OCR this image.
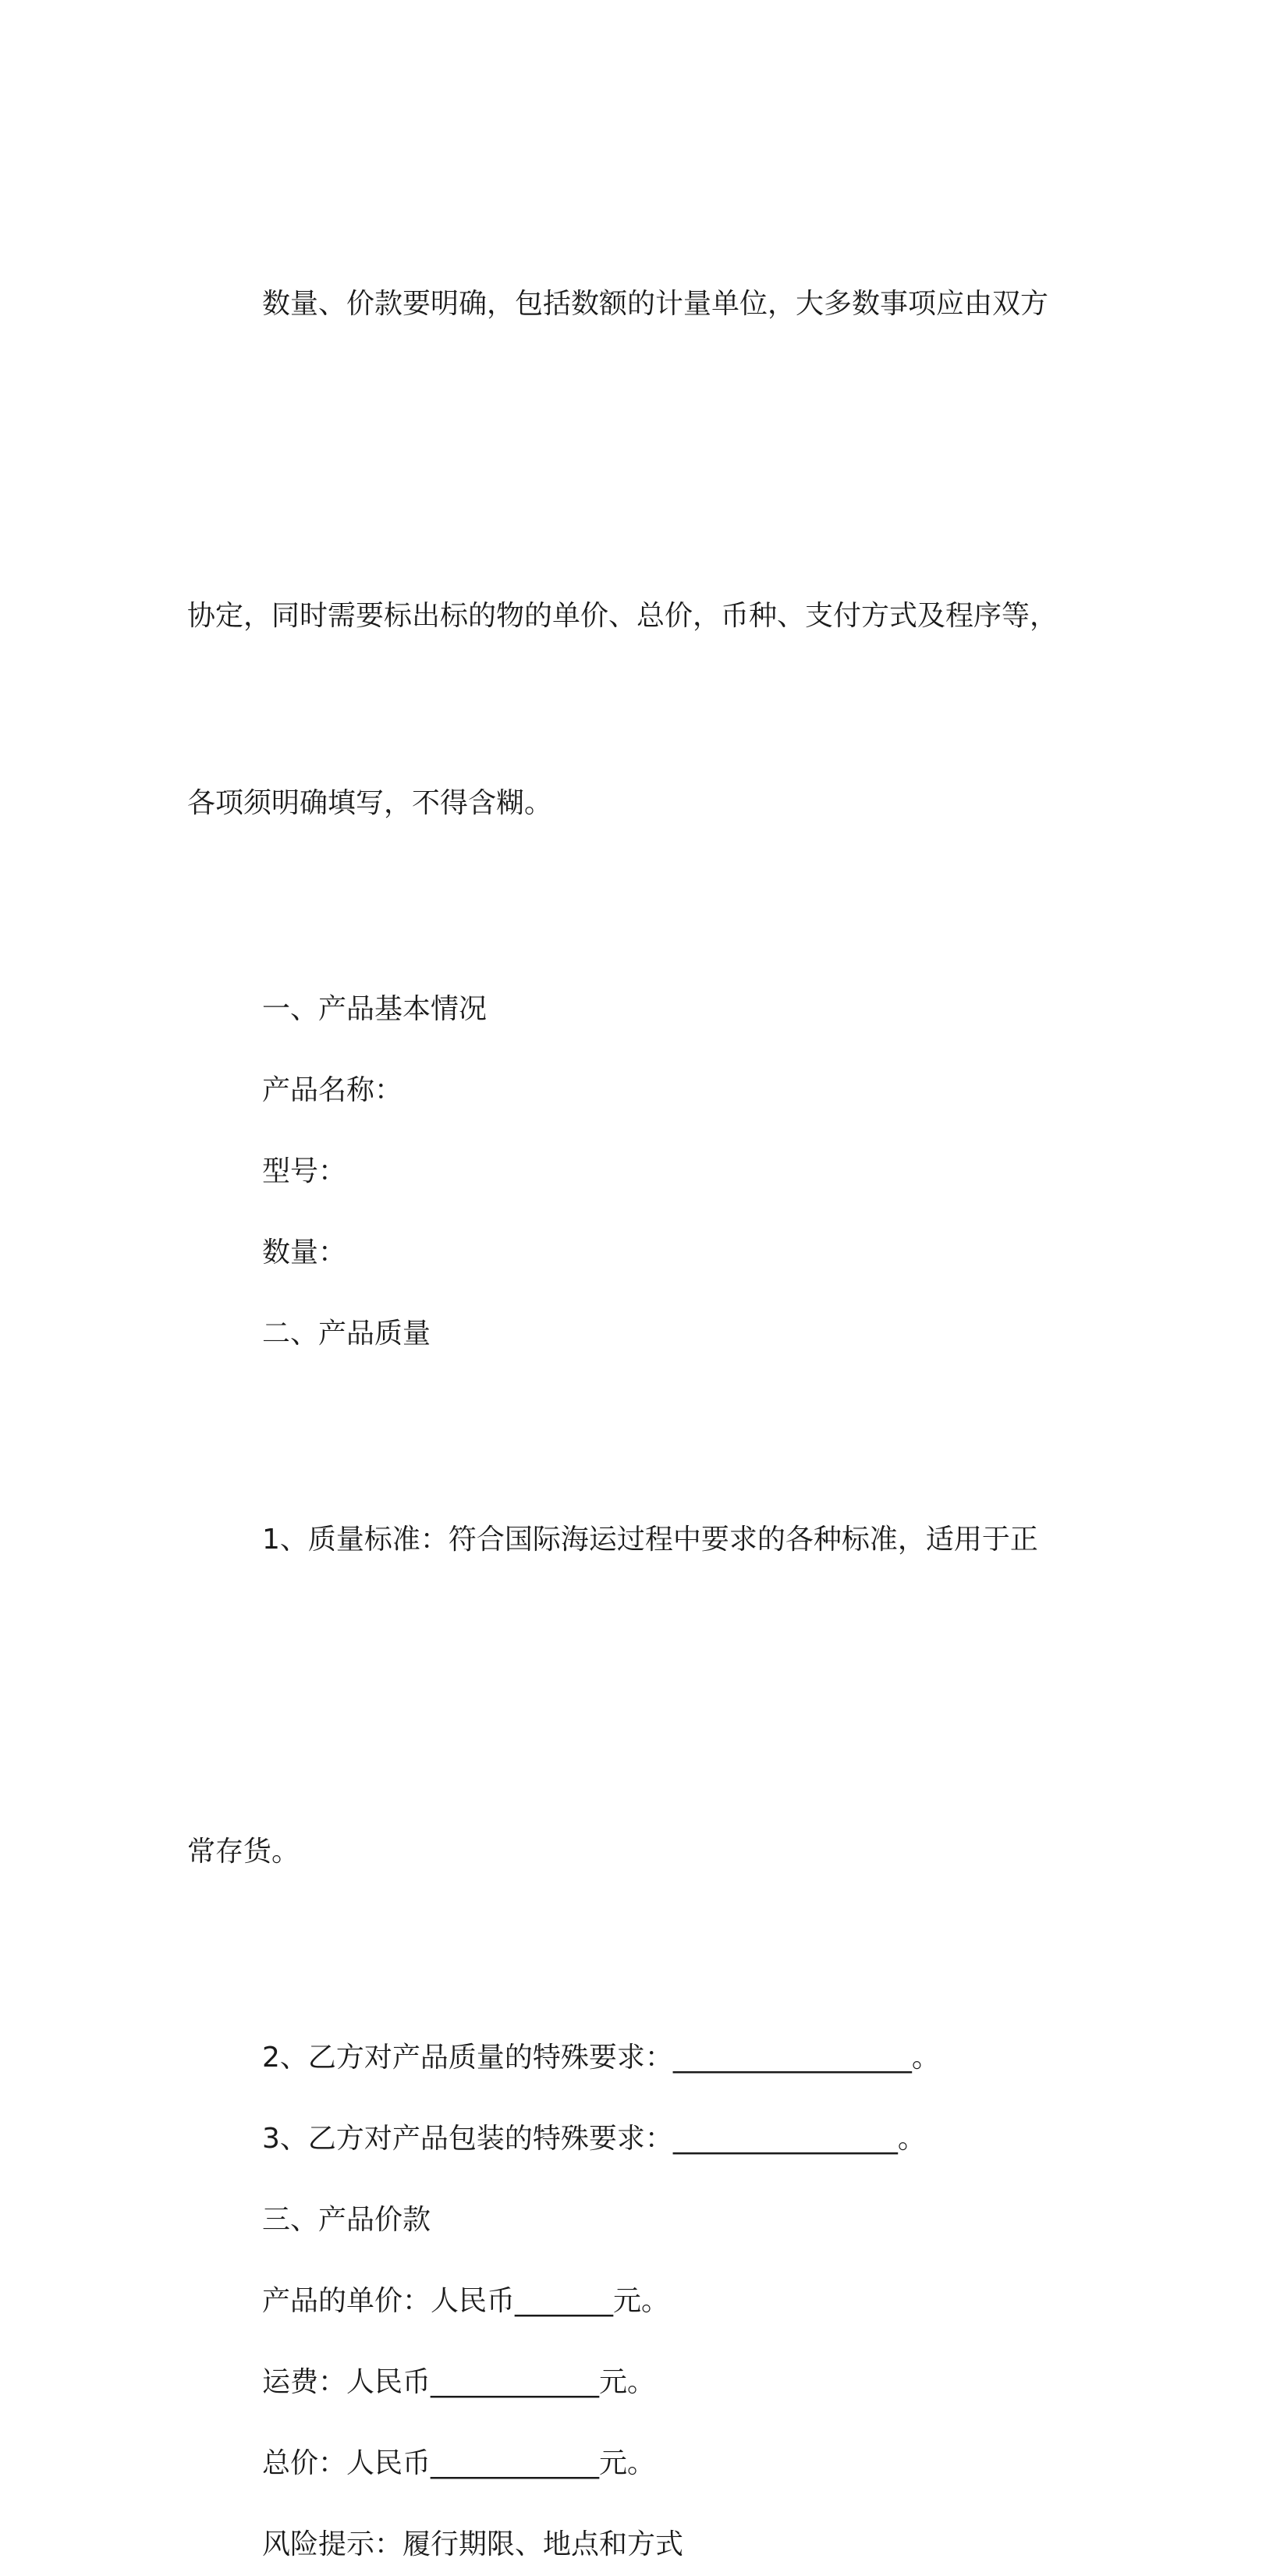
数量、价款要明确，包括数额的计量单位，大多数事项应由双方

协定，同时需要标出标的物的单价、总价，币种、支付方式及程序等，

各项须明确填写，不得含糊。

一、产品基本情况

产品名称：

型号：

数量：

二、产品质量

1、质量标准：符合国际海运过程中要求的各种标准，适用于正

常存货。

2、乙方对产品质量的特殊要求：_________________。

3、乙方对产品包装的特殊要求：________________。

三、产品价款

产品的单价：人民币_______元。

运费：人民币____________元。

总价：人民币____________元。

风险提示：履行期限、地点和方式
